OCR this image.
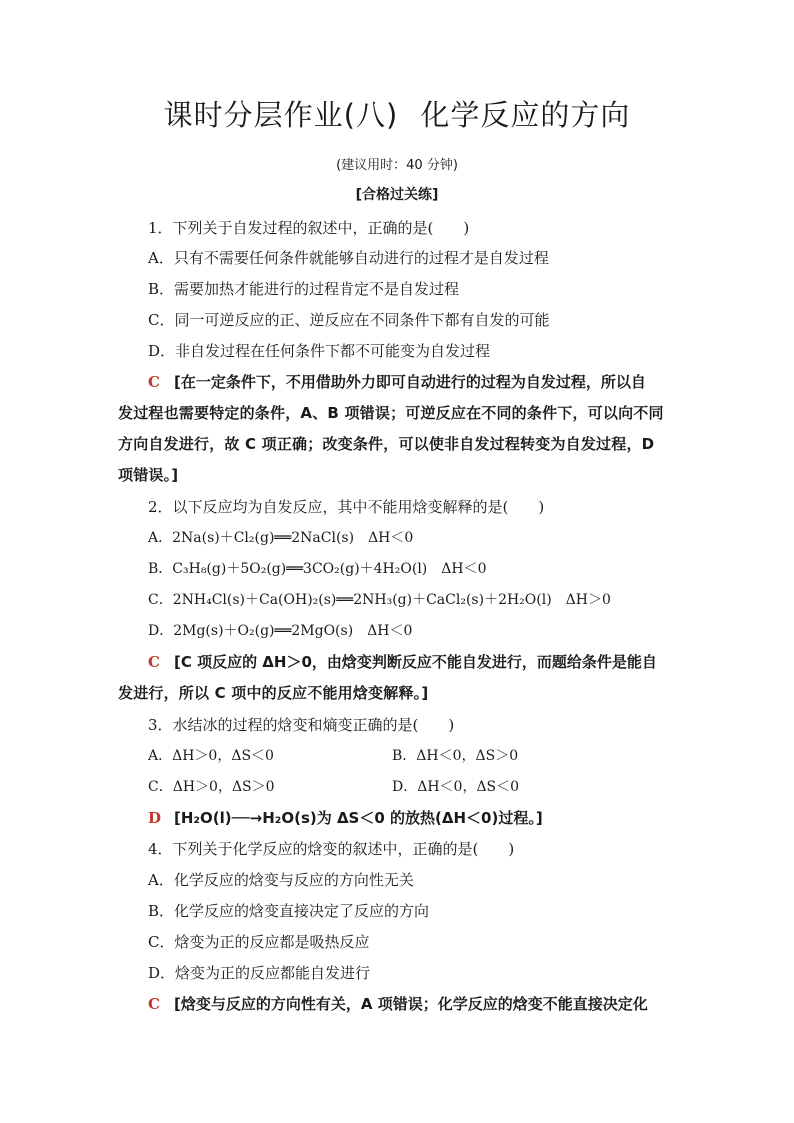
课时分层作业(八) 化学反应的方向
(建议用时：40 分钟)
[合格过关练]
1．下列关于自发过程的叙述中，正确的是(　　)
A．只有不需要任何条件就能够自动进行的过程才是自发过程
B．需要加热才能进行的过程肯定不是自发过程
C．同一可逆反应的正、逆反应在不同条件下都有自发的可能
D．非自发过程在任何条件下都不可能变为自发过程
C [在一定条件下，不用借助外力即可自动进行的过程为自发过程，所以自
发过程也需要特定的条件，A、B 项错误；可逆反应在不同的条件下，可以向不同
方向自发进行，故 C 项正确；改变条件，可以使非自发过程转变为自发过程，D
项错误。]
2．以下反应均为自发反应，其中不能用焓变解释的是(　　)
A．2Na(s)＋Cl₂(g)══2NaCl(s)　ΔH＜0
B．C₃H₈(g)＋5O₂(g)══3CO₂(g)＋4H₂O(l)　ΔH＜0
C．2NH₄Cl(s)＋Ca(OH)₂(s)══2NH₃(g)＋CaCl₂(s)＋2H₂O(l)　ΔH＞0
D．2Mg(s)＋O₂(g)══2MgO(s)　ΔH＜0
C [C 项反应的 ΔH＞0，由焓变判断反应不能自发进行，而题给条件是能自
发进行，所以 C 项中的反应不能用焓变解释。]
3．水结冰的过程的焓变和熵变正确的是(　　)
A．ΔH＞0，ΔS＜0	B．ΔH＜0，ΔS＞0
C．ΔH＞0，ΔS＞0	D．ΔH＜0，ΔS＜0
D [H₂O(l)──→H₂O(s)为 ΔS＜0 的放热(ΔH＜0)过程。]
4．下列关于化学反应的焓变的叙述中，正确的是(　　)
A．化学反应的焓变与反应的方向性无关
B．化学反应的焓变直接决定了反应的方向
C．焓变为正的反应都是吸热反应
D．焓变为正的反应都能自发进行
C [焓变与反应的方向性有关，A 项错误；化学反应的焓变不能直接决定化
